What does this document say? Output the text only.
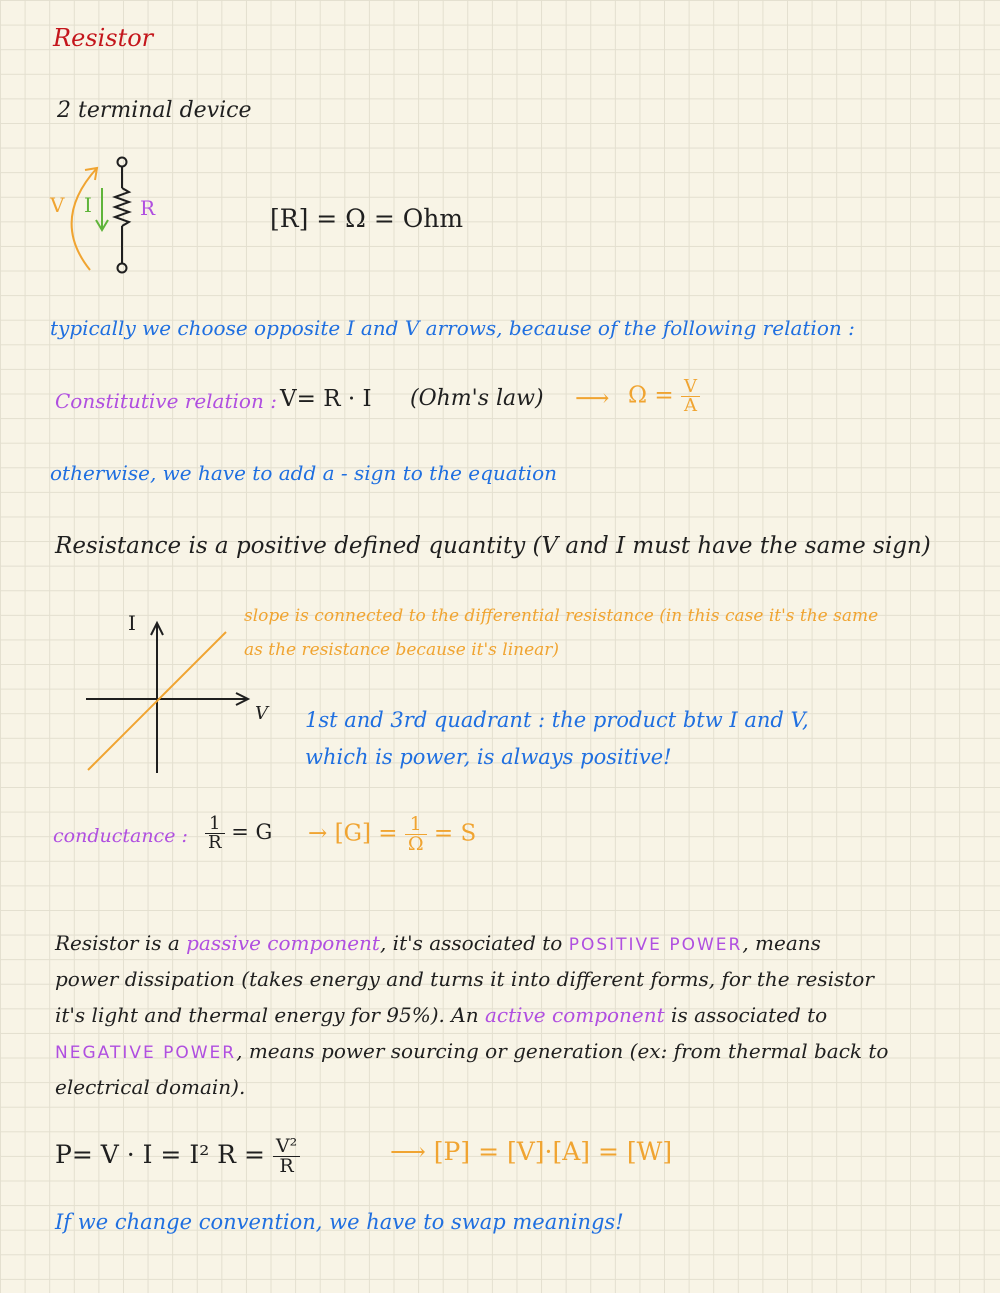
Resistor
2 terminal device
V I R	[R] = Ω = Ohm
typically we choose opposite I and V arrows, because of the following relation :
Constitutive relation : V= R · I (Ohm's law) ⟶ $\Omega = \frac{V}{A}$
otherwise, we have to add a - sign to the equation
Resistance is a positive defined quantity (V and I must have the same sign)
I
V
slope is connected to the differential resistance (in this case it's the same
as the resistance because it's linear)
1st and 3rd quadrant : the product btw I and V,
which is power, is always positive!
conductance : $\frac{1}{R} = G \to [G] = \frac{1}{\Omega} = S$
Resistor is a passive component, it's associated to POSITIVE POWER, means
power dissipation (takes energy and turns it into different forms, for the resistor
it's light and thermal energy for 95%). An active component is associated to
NEGATIVE POWER, means power sourcing or generation (ex: from thermal back to
electrical domain).
P= V · I = I² $R = \frac{\text{V²}}{R}$	⟶ [P] = [V]·[A] = [W]
If we change convention, we have to swap meanings!
